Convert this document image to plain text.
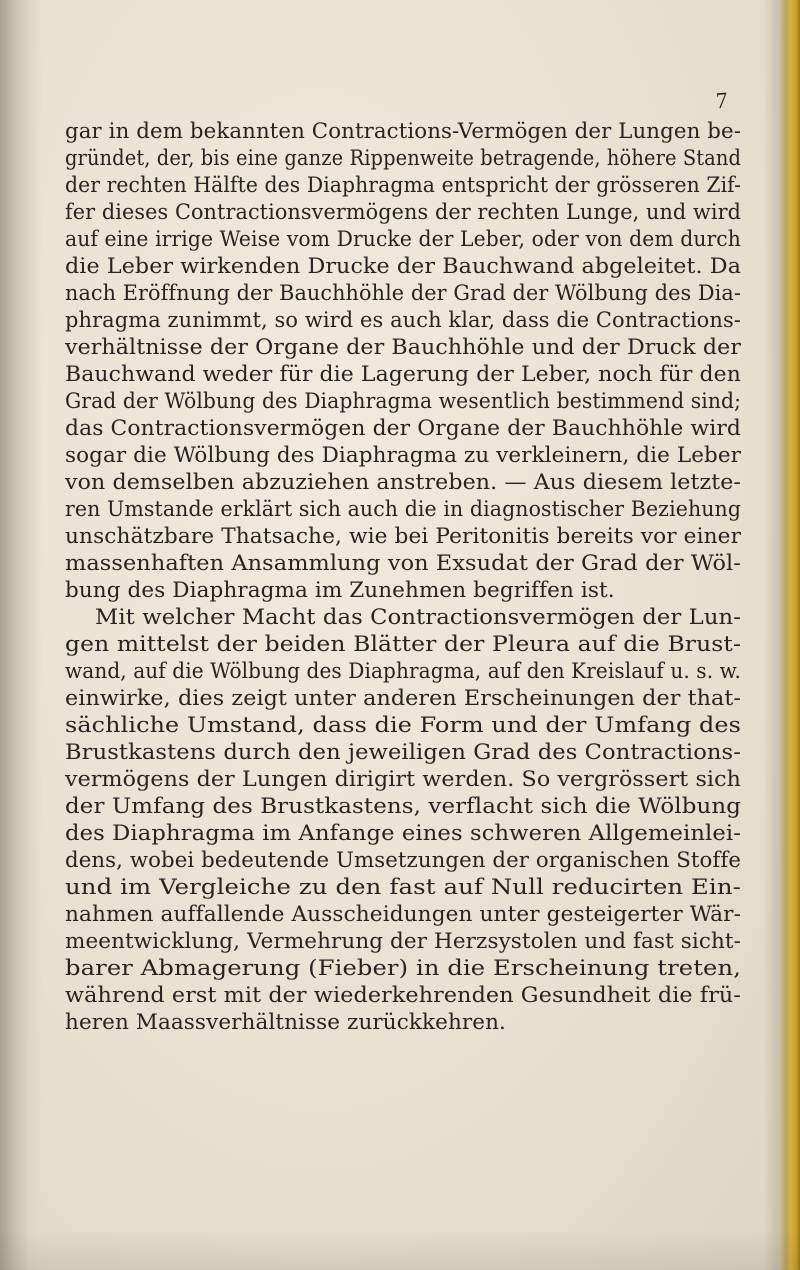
7
gar in dem bekannten Contractions-Vermögen der Lungen be-
gründet, der, bis eine ganze Rippenweite betragende, höhere Stand
der rechten Hälfte des Diaphragma entspricht der grösseren Zif-
fer dieses Contractionsvermögens der rechten Lunge, und wird
auf eine irrige Weise vom Drucke der Leber, oder von dem durch
die Leber wirkenden Drucke der Bauchwand abgeleitet. Da
nach Eröffnung der Bauchhöhle der Grad der Wölbung des Dia-
phragma zunimmt, so wird es auch klar, dass die Contractions-
verhältnisse der Organe der Bauchhöhle und der Druck der
Bauchwand weder für die Lagerung der Leber, noch für den
Grad der Wölbung des Diaphragma wesentlich bestimmend sind;
das Contractionsvermögen der Organe der Bauchhöhle wird
sogar die Wölbung des Diaphragma zu verkleinern, die Leber
von demselben abzuziehen anstreben. — Aus diesem letzte-
ren Umstande erklärt sich auch die in diagnostischer Beziehung
unschätzbare Thatsache, wie bei Peritonitis bereits vor einer
massenhaften Ansammlung von Exsudat der Grad der Wöl-
bung des Diaphragma im Zunehmen begriffen ist.
Mit welcher Macht das Contractionsvermögen der Lun-
gen mittelst der beiden Blätter der Pleura auf die Brust-
wand, auf die Wölbung des Diaphragma, auf den Kreislauf u. s. w.
einwirke, dies zeigt unter anderen Erscheinungen der that-
sächliche Umstand, dass die Form und der Umfang des
Brustkastens durch den jeweiligen Grad des Contractions-
vermögens der Lungen dirigirt werden. So vergrössert sich
der Umfang des Brustkastens, verflacht sich die Wölbung
des Diaphragma im Anfange eines schweren Allgemeinlei-
dens, wobei bedeutende Umsetzungen der organischen Stoffe
und im Vergleiche zu den fast auf Null reducirten Ein-
nahmen auffallende Ausscheidungen unter gesteigerter Wär-
meentwicklung, Vermehrung der Herzsystolen und fast sicht-
barer Abmagerung (Fieber) in die Erscheinung treten,
während erst mit der wiederkehrenden Gesundheit die frü-
heren Maassverhältnisse zurückkehren.
